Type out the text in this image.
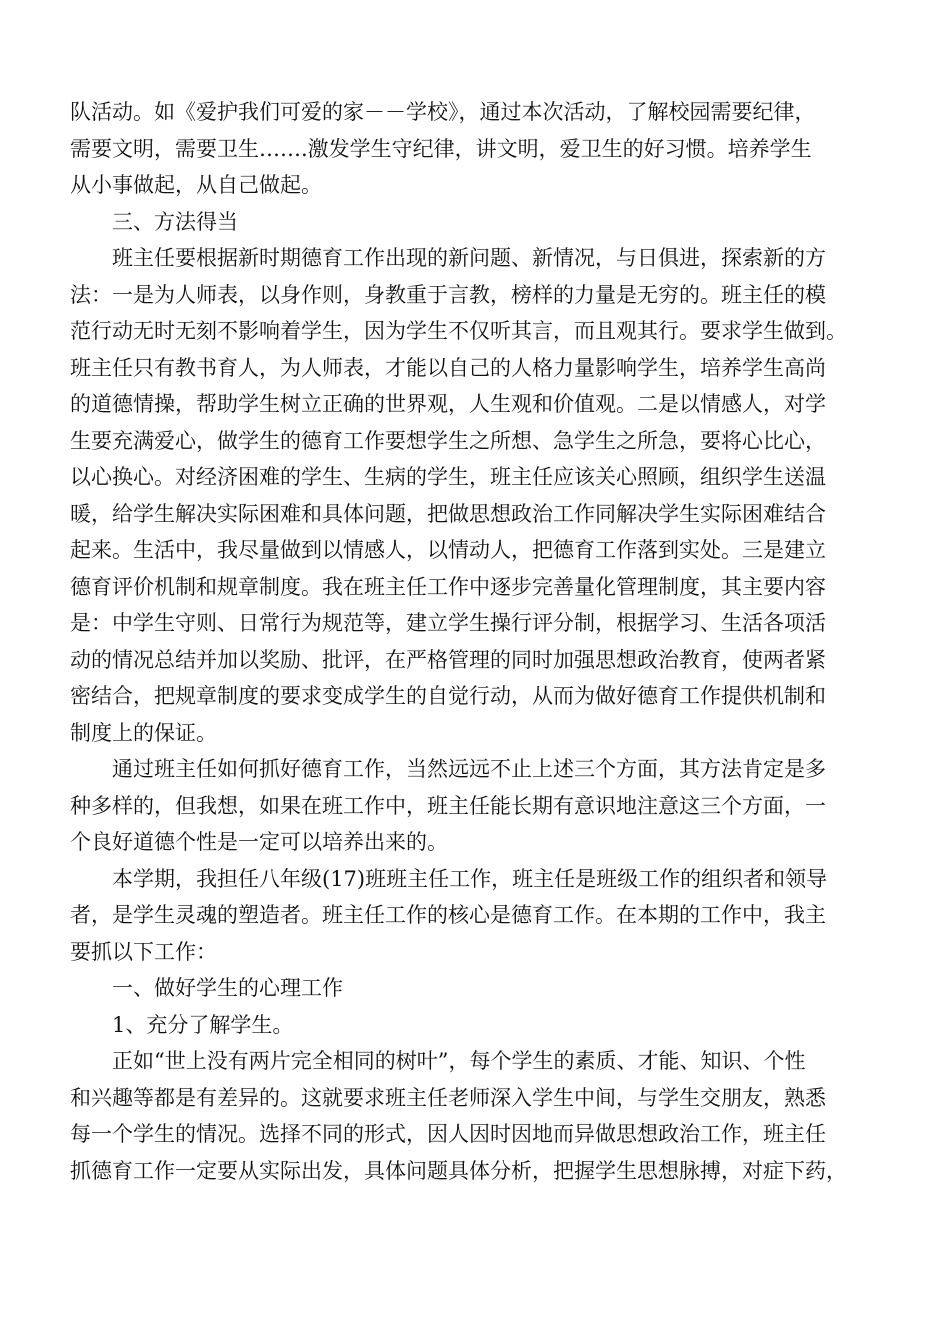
队活动。如《爱护我们可爱的家－－学校》，通过本次活动，了解校园需要纪律，
需要文明，需要卫生…….激发学生守纪律，讲文明，爱卫生的好习惯。培养学生
从小事做起，从自己做起。
三、方法得当
班主任要根据新时期德育工作出现的新问题、新情况，与日俱进，探索新的方
法：一是为人师表，以身作则，身教重于言教，榜样的力量是无穷的。班主任的模
范行动无时无刻不影响着学生，因为学生不仅听其言，而且观其行。要求学生做到。
班主任只有教书育人，为人师表，才能以自己的人格力量影响学生，培养学生高尚
的道德情操，帮助学生树立正确的世界观，人生观和价值观。二是以情感人，对学
生要充满爱心，做学生的德育工作要想学生之所想、急学生之所急，要将心比心，
以心换心。对经济困难的学生、生病的学生，班主任应该关心照顾，组织学生送温
暖，给学生解决实际困难和具体问题，把做思想政治工作同解决学生实际困难结合
起来。生活中，我尽量做到以情感人，以情动人，把德育工作落到实处。三是建立
德育评价机制和规章制度。我在班主任工作中逐步完善量化管理制度，其主要内容
是：中学生守则、日常行为规范等，建立学生操行评分制，根据学习、生活各项活
动的情况总结并加以奖励、批评，在严格管理的同时加强思想政治教育，使两者紧
密结合，把规章制度的要求变成学生的自觉行动，从而为做好德育工作提供机制和
制度上的保证。
通过班主任如何抓好德育工作，当然远远不止上述三个方面，其方法肯定是多
种多样的，但我想，如果在班工作中，班主任能长期有意识地注意这三个方面，一
个良好道德个性是一定可以培养出来的。
本学期，我担任八年级(17)班班主任工作，班主任是班级工作的组织者和领导
者，是学生灵魂的塑造者。班主任工作的核心是德育工作。在本期的工作中，我主
要抓以下工作：
一、做好学生的心理工作
1、充分了解学生。
正如“世上没有两片完全相同的树叶”，每个学生的素质、才能、知识、个性
和兴趣等都是有差异的。这就要求班主任老师深入学生中间，与学生交朋友，熟悉
每一个学生的情况。选择不同的形式，因人因时因地而异做思想政治工作，班主任
抓德育工作一定要从实际出发，具体问题具体分析，把握学生思想脉搏，对症下药，
